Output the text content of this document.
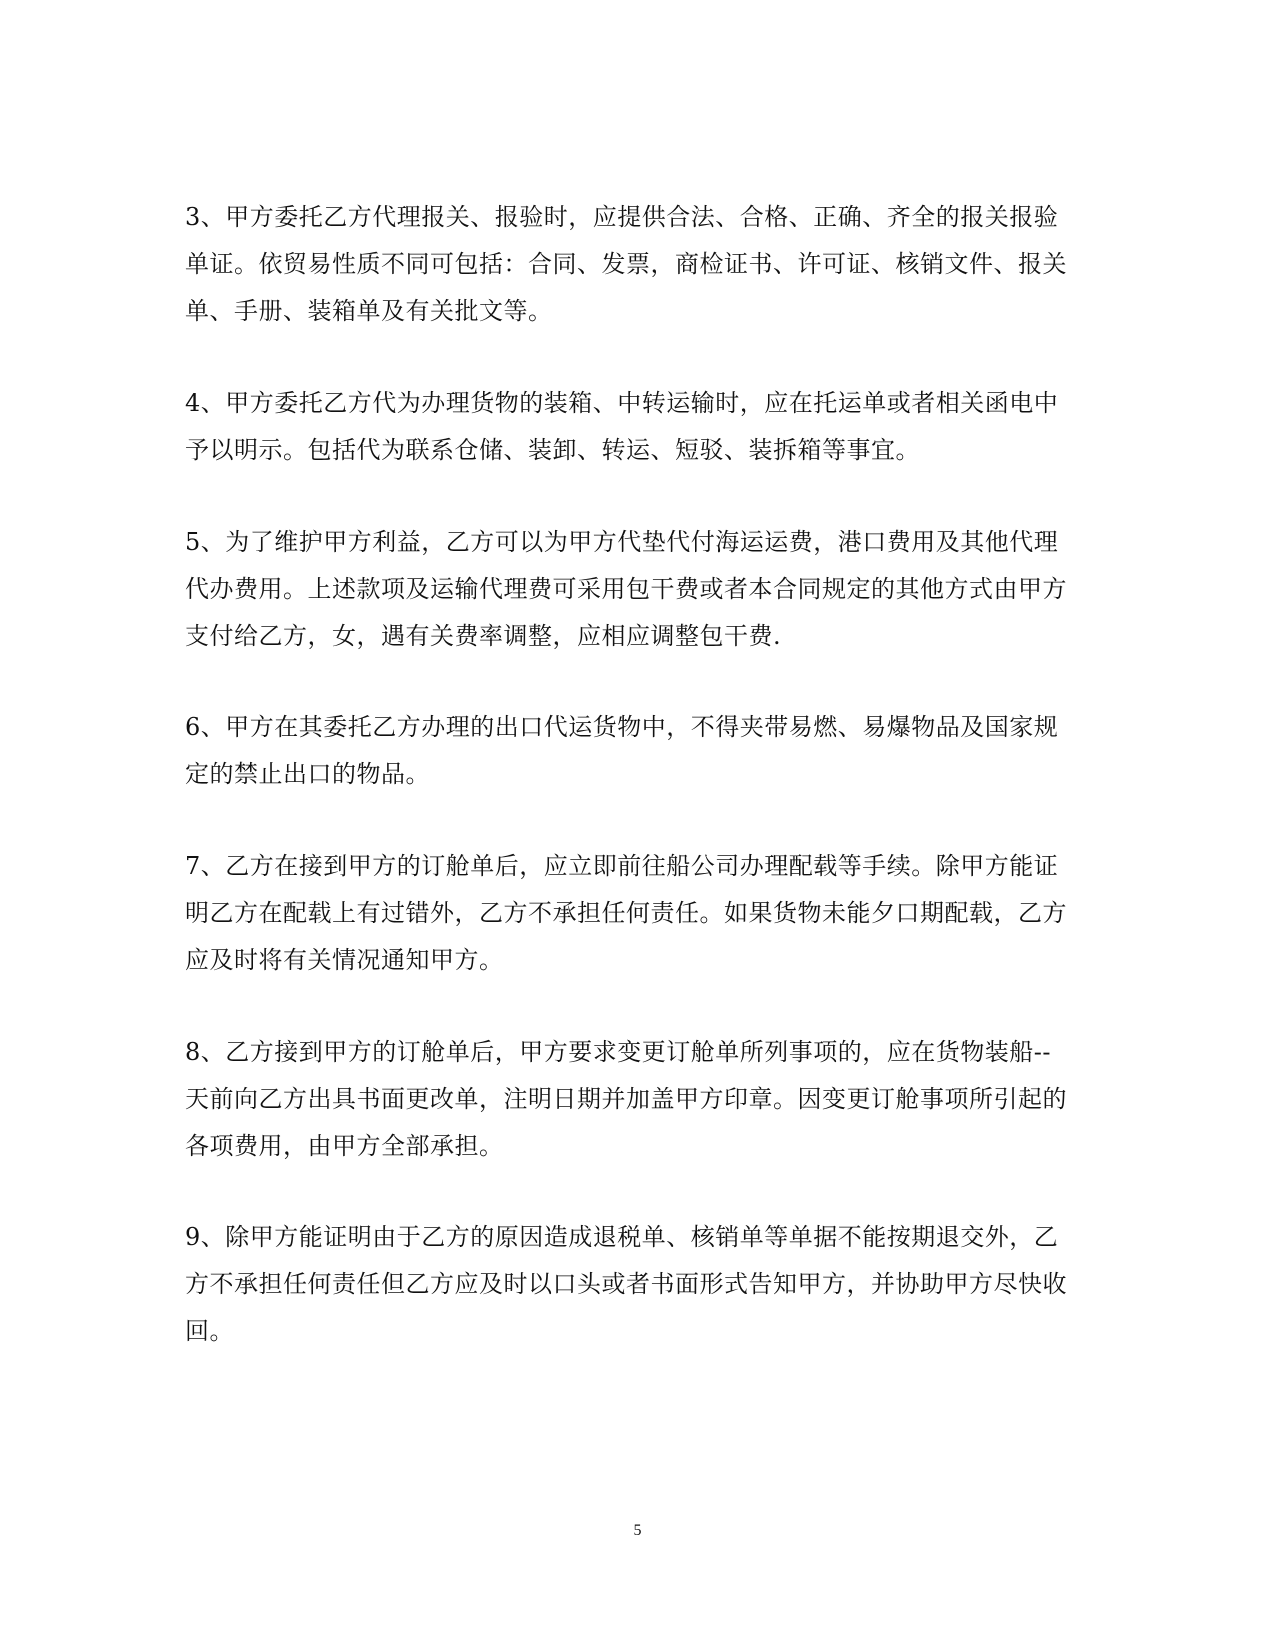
3、甲方委托乙方代理报关、报验时，应提供合法、合格、正确、齐全的报关报验
单证。依贸易性质不同可包括：合同、发票，商检证书、许可证、核销文件、报关
单、手册、装箱单及有关批文等。
4、甲方委托乙方代为办理货物的装箱、中转运输时，应在托运单或者相关函电中
予以明示。包括代为联系仓储、装卸、转运、短驳、装拆箱等事宜。
5、为了维护甲方利益，乙方可以为甲方代垫代付海运运费，港口费用及其他代理
代办费用。上述款项及运输代理费可采用包干费或者本合同规定的其他方式由甲方
支付给乙方，女，遇有关费率调整，应相应调整包干费.
6、甲方在其委托乙方办理的出口代运货物中，不得夹带易燃、易爆物品及国家规
定的禁止出口的物品。
7、乙方在接到甲方的订舱单后，应立即前往船公司办理配载等手续。除甲方能证
明乙方在配载上有过错外，乙方不承担任何责任。如果货物未能夕口期配载，乙方
应及时将有关情况通知甲方。
8、乙方接到甲方的订舱单后，甲方要求变更订舱单所列事项的，应在货物装船--
天前向乙方出具书面更改单，注明日期并加盖甲方印章。因变更订舱事项所引起的
各项费用，由甲方全部承担。
9、除甲方能证明由于乙方的原因造成退税单、核销单等单据不能按期退交外，乙
方不承担任何责任但乙方应及时以口头或者书面形式告知甲方，并协助甲方尽快收
回。
5
